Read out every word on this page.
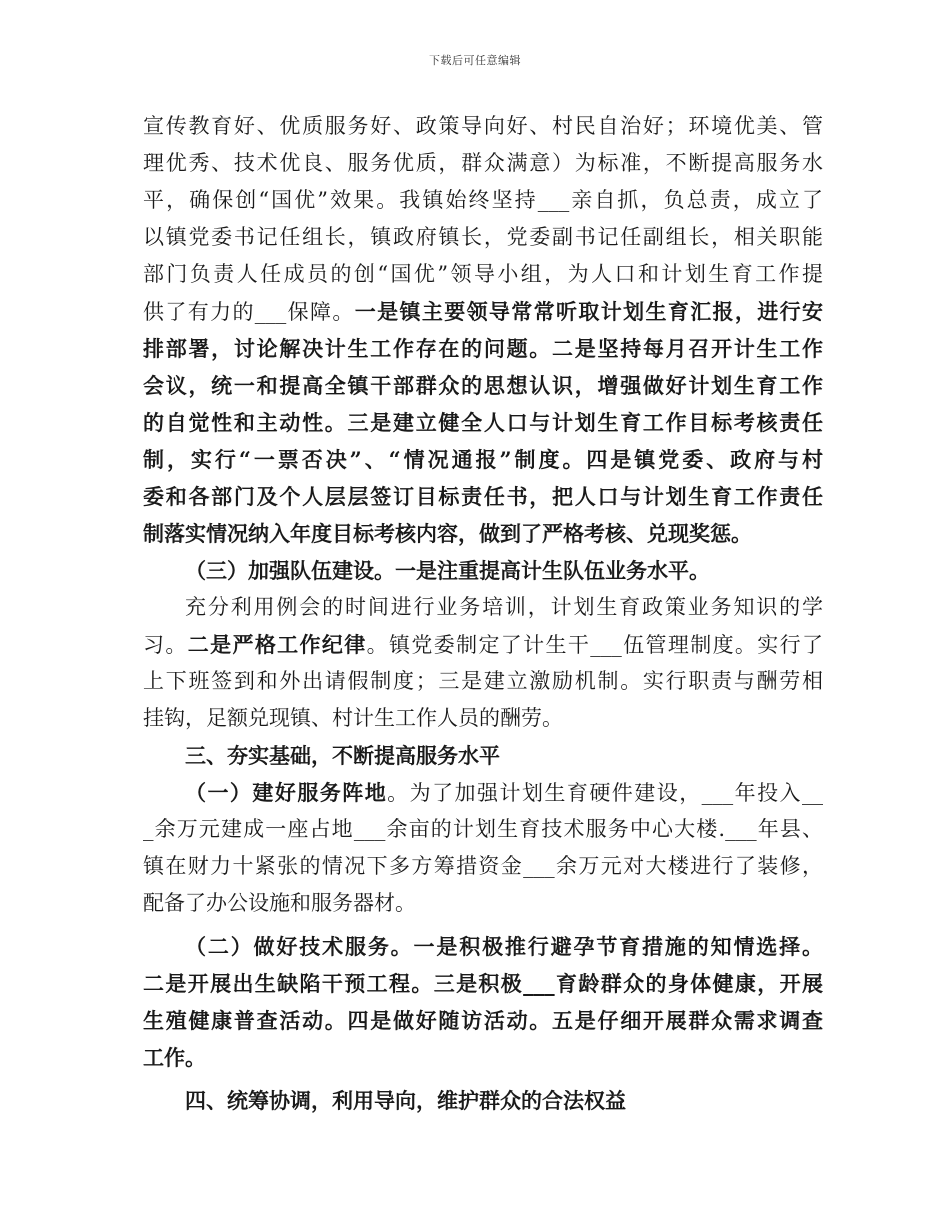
下载后可任意编辑
宣传教育好、优质服务好、政策导向好、村民自治好；环境优美、管
理优秀、技术优良、服务优质，群众满意）为标准，不断提高服务水
平，确保创“国优”效果。我镇始终坚持___亲自抓，负总责，成立了
以镇党委书记任组长，镇政府镇长，党委副书记任副组长，相关职能
部门负责人任成员的创“国优”领导小组，为人口和计划生育工作提
供了有力的___保障。一是镇主要领导常常听取计划生育汇报，进行安
排部署，讨论解决计生工作存在的问题。二是坚持每月召开计生工作
会议，统一和提高全镇干部群众的思想认识，增强做好计划生育工作
的自觉性和主动性。三是建立健全人口与计划生育工作目标考核责任
制，实行“一票否决”、“情况通报”制度。四是镇党委、政府与村
委和各部门及个人层层签订目标责任书，把人口与计划生育工作责任
制落实情况纳入年度目标考核内容，做到了严格考核、兑现奖惩。
（三）加强队伍建设。一是注重提高计生队伍业务水平。
充分利用例会的时间进行业务培训，计划生育政策业务知识的学
习。二是严格工作纪律。镇党委制定了计生干___伍管理制度。实行了
上下班签到和外出请假制度；三是建立激励机制。实行职责与酬劳相
挂钩，足额兑现镇、村计生工作人员的酬劳。
三、夯实基础，不断提高服务水平
（一）建好服务阵地。为了加强计划生育硬件建设，___年投入__
_余万元建成一座占地___余亩的计划生育技术服务中心大楼.___年县、
镇在财力十紧张的情况下多方筹措资金___余万元对大楼进行了装修，
配备了办公设施和服务器材。
（二）做好技术服务。一是积极推行避孕节育措施的知情选择。
二是开展出生缺陷干预工程。三是积极___育龄群众的身体健康，开展
生殖健康普查活动。四是做好随访活动。五是仔细开展群众需求调查
工作。
四、统筹协调，利用导向，维护群众的合法权益
